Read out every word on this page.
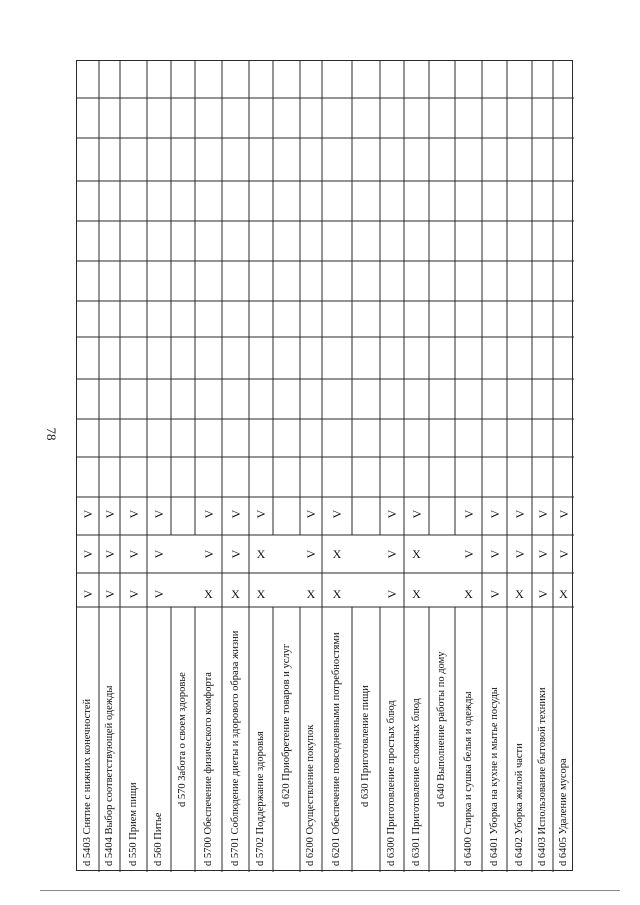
78
d 5403 Снятие с нижних конечностей
V
V
V
d 5404 Выбор соответствующей одежды
V
V
V
d 550 Прием пищи
V
V
V
d 560 Питье
V
V
V
d 570 Забота о своем здоровье d 5700 Обеспечение физического комфорта
X
V
V
d 5701 Соблюдение диеты и здорового образа жизни
X
V
V
d 5702 Поддержание здоровья
X
X
V
d 620 Приобретение товаров и услуг d 6200 Осуществление покупок
X
V
V
d 6201 Обеспечение повседневными потребностями
X
X
V
d 630 Приготовление пищи d 6300 Приготовление простых блюд
V
V
V
d 6301 Приготовление сложных блюд
X
X
V
d 640 Выполнение работы по дому d 6400 Стирка и сушка белья и одежды
X
V
V
d 6401 Уборка на кухне и мытье посуды
V
V
V
d 6402 Уборка жилой части
X
V
V
d 6403 Использование бытовой техники
V
V
V
d 6405 Удаление мусора
X
V
V
